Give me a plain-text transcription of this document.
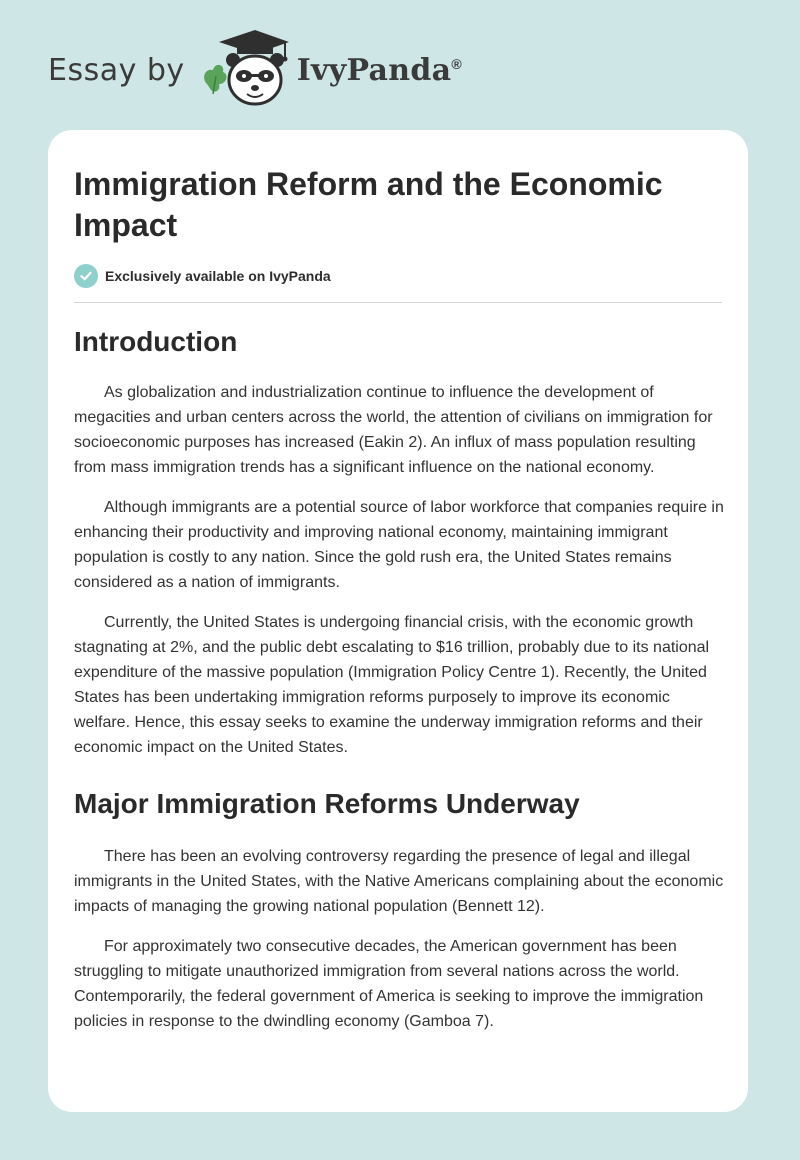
Essay by	IvyPanda®
Immigration Reform and the Economic Impact
Exclusively available on IvyPanda
Introduction

As globalization and industrialization continue to influence the development of megacities and urban centers across the world, the attention of civilians on immigration for socioeconomic purposes has increased (Eakin 2). An influx of mass population resulting from mass immigration trends has a significant influence on the national economy.

Although immigrants are a potential source of labor workforce that companies require in enhancing their productivity and improving national economy, maintaining immigrant population is costly to any nation. Since the gold rush era, the United States remains considered as a nation of immigrants.

Currently, the United States is undergoing financial crisis, with the economic growth stagnating at 2%, and the public debt escalating to $16 trillion, probably due to its national expenditure of the massive population (Immigration Policy Centre 1). Recently, the United States has been undertaking immigration reforms purposely to improve its economic welfare. Hence, this essay seeks to examine the underway immigration reforms and their economic impact on the United States.

Major Immigration Reforms Underway

There has been an evolving controversy regarding the presence of legal and illegal immigrants in the United States, with the Native Americans complaining about the economic impacts of managing the growing national population (Bennett 12).

For approximately two consecutive decades, the American government has been struggling to mitigate unauthorized immigration from several nations across the world. Contemporarily, the federal government of America is seeking to improve the immigration policies in response to the dwindling economy (Gamboa 7).
